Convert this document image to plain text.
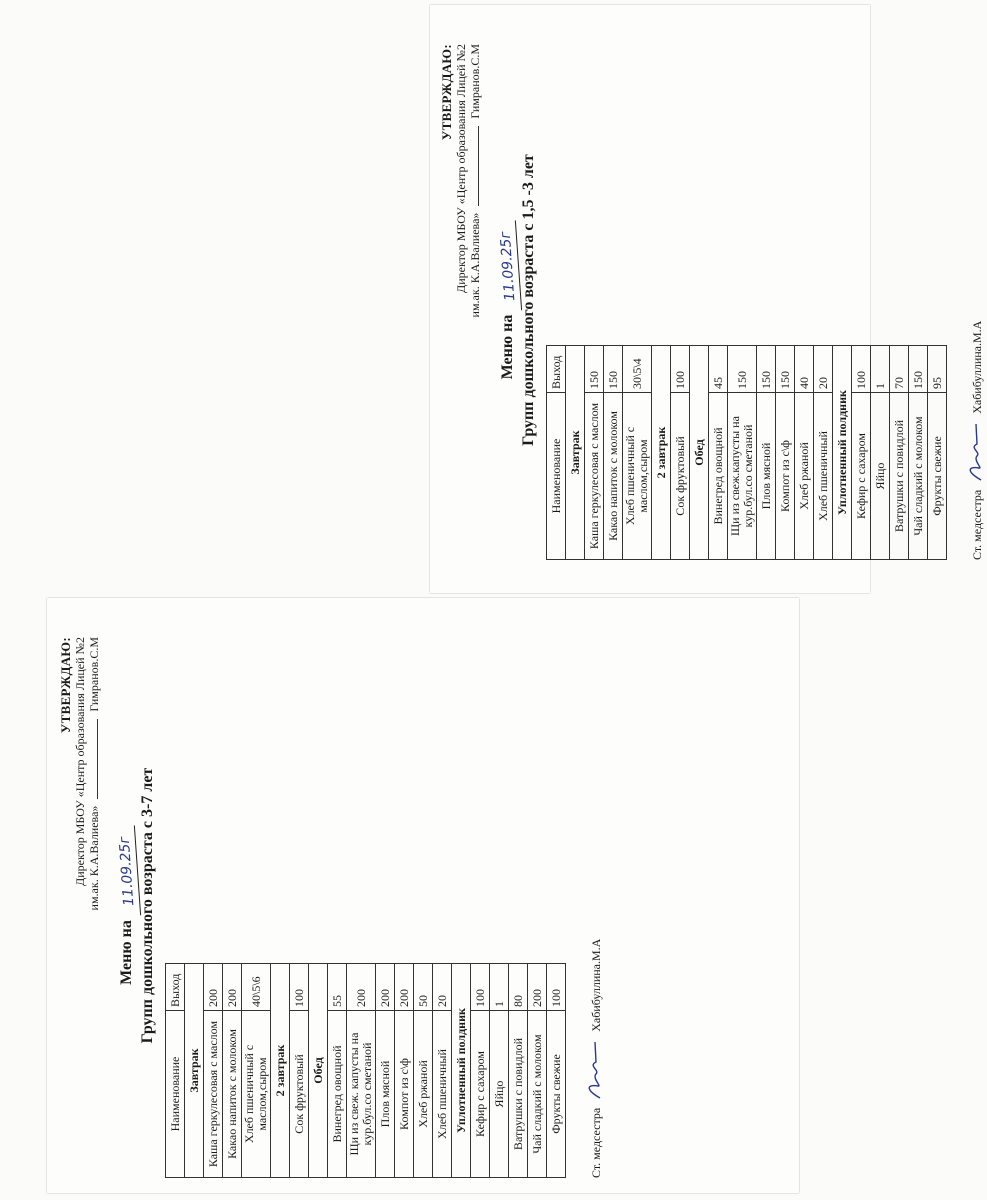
УТВЕРЖДАЮ: Директор МБОУ «Центр образования Лицей №2 им.ак. К.А.Валиева»  Гимранов.С.М
Меню на 11.09.25г Групп дошкольного возраста с 1,5 -3 лет
Наименование	Выход
Завтрак	
Каша геркулесовая с маслом	150
Какао напиток с молоком	150
Хлеб пшеничный с маслом,сыром	30\5\4
2 завтрак	
Сок фруктовый	100
Обед	
Винегред овощной	45
Щи из свеж.капусты на кур.бул.со сметаной	150
Плов мясной	150
Компот из с\ф	150
Хлеб ржаной	40
Хлеб пшеничный	20
Уплотненный полдник	
Кефир с сахаром	100
Яйцо	1
Ватрушки с повидлой	70
Чай сладкий с молоком	150
Фрукты свежие	95
Ст. медсестра
Хабибуллина.М.А
УТВЕРЖДАЮ: Директор МБОУ «Центр образования Лицей №2 им.ак. К.А.Валиева»  Гимранов.С.М
Меню на 11.09.25г Групп дошкольного возраста с 3-7 лет
Наименование	Выход
Завтрак	
Каша геркулесовая с маслом	200
Какао напиток с молоком	200
Хлеб пшеничный с маслом,сыром	40\5\6
2 завтрак	
Сок фруктовый	100
Обед	
Винегред овощной	55
Щи из свеж. капусты на кур.бул.со сметаной	200
Плов мясной	200
Компот из с\ф	200
Хлеб ржаной	50
Хлеб пшеничный	20
Уплотненный полдник	
Кефир с сахаром	100
Яйцо	1
Ватрушки с повидлой	80
Чай сладкий с молоком	200
Фрукты свежие	100
Ст. медсестра
Хабибуллина.М.А
